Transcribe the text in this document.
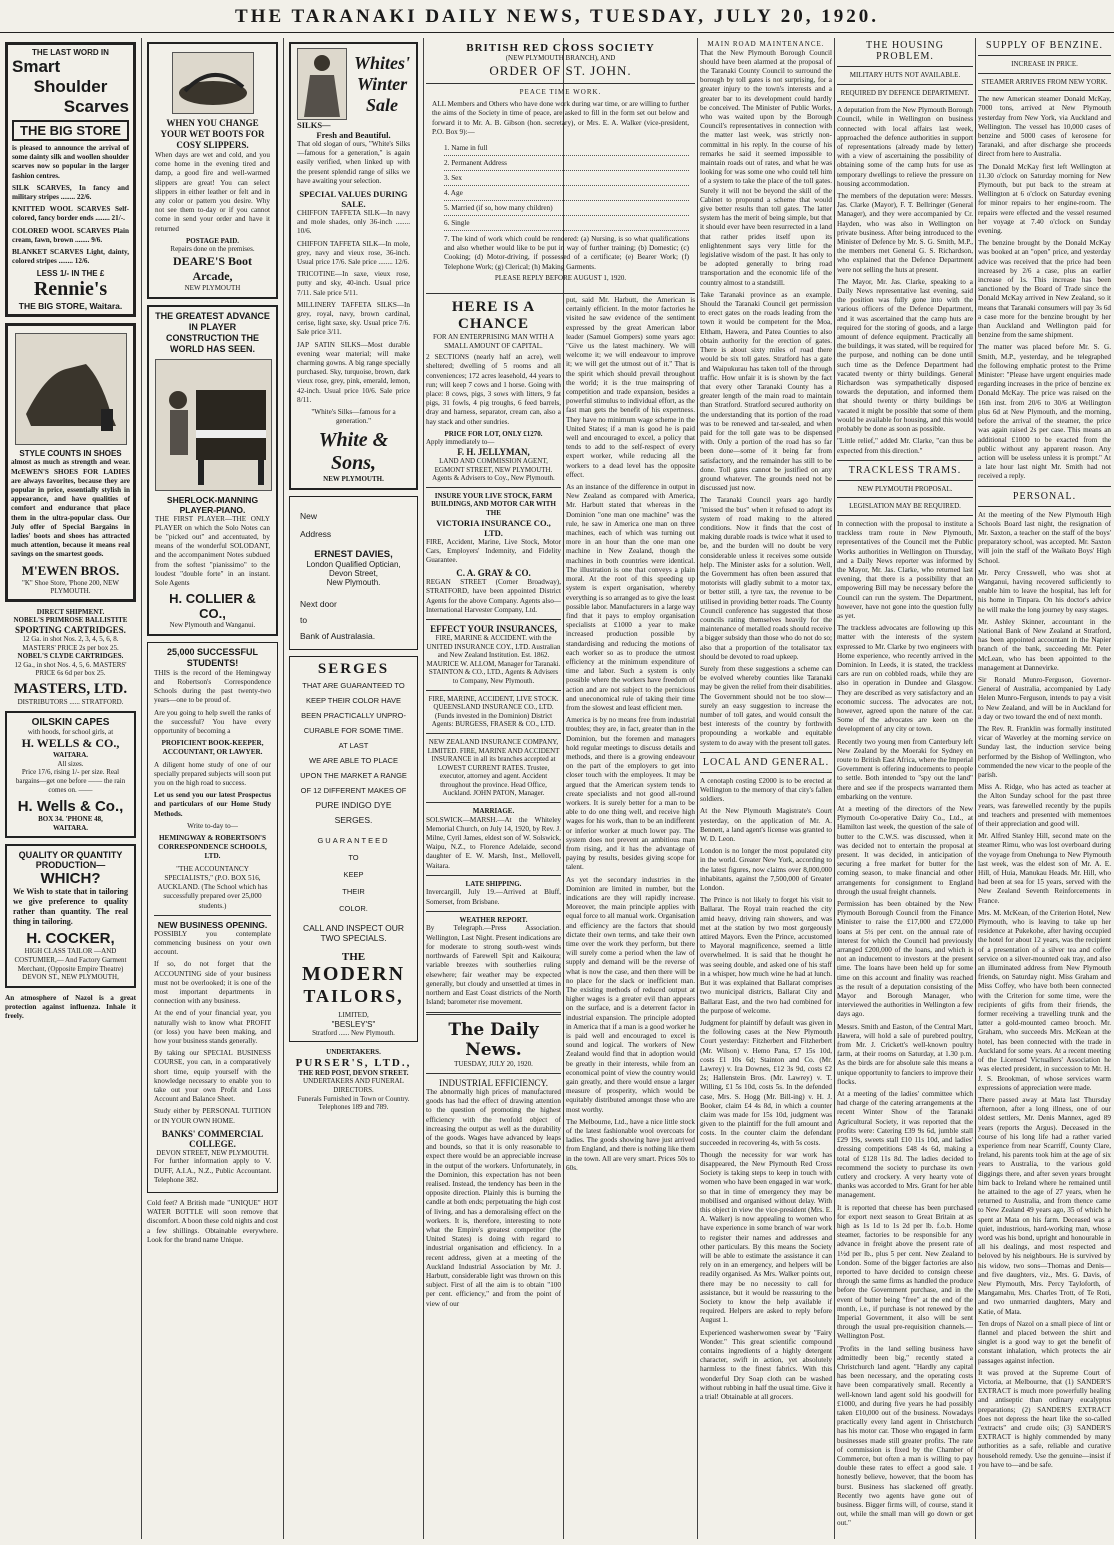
THE TARANAKI DAILY NEWS, TUESDAY, JULY 20, 1920.
THE LAST WORD IN
Smart
Shoulder
Scarves
THE BIG STORE
is pleased to announce the arrival of some dainty silk and woollen shoulder scarves now so popular in the larger fashion centres.
SILK SCARVES, In fancy and military stripes ........ 22/6.
KNITTED WOOL SCARVES Self-colored, fancy border ends ........ 21/-.
COLORED WOOL SCARVES Plain cream, fawn, brown ........ 9/6.
BLANKET SCARVES Light, dainty, colored stripes ........ 12/6.
LESS 1/- IN THE £
Rennie's
THE BIG STORE, Waitara.
STYLE COUNTS IN SHOES
almost as much as strength and wear. McEWEN'S SHOES FOR LADIES are always favorites, because they are popular in price, essentially stylish in appearance, and have qualities of comfort and endurance that place them in the ultra-popular class. Our July offer of Special Bargains in ladies' boots and shoes has attracted much attention, because it means real savings on the smartest goods.
M'EWEN BROS.
"K" Shoe Store, 'Phone 200, NEW PLYMOUTH.
DIRECT SHIPMENT.
NOBEL'S PRIMROSE BALLISTITE
SPORTING CARTRIDGES.
12 Ga. in shot Nos. 2, 3, 4, 5, 6, 8. MASTERS' PRICE 2s per box 25.
NOBEL'S CLYDE CARTRIDGES.
12 Ga., in shot Nos. 4, 5, 6. MASTERS' PRICE 6s 6d per box 25.
MASTERS, LTD.
DISTRIBUTORS ...... STRATFORD.
OILSKIN CAPES
with hoods, for school girls, at
H. WELLS & CO.,
WAITARA.
All sizes.
Price 17/6, rising 1/- per size. Real bargains—get one before —— the rain comes on. ——
H. Wells & Co.,
BOX 34. 'PHONE 48,
WAITARA.
QUALITY OR QUANTITY
PRODUCTION—
WHICH?
We Wish to state that in tailoring we give preference to quality rather than quantity. The real thing in tailoring.
H. COCKER,
HIGH CLASS TAILOR —AND COSTUMIER,— And Factory Garment Merchant, (Opposite Empire Theatre) DEVON ST., NEW PLYMOUTH,
An atmosphere of Nazol is a great protection against influenza. Inhale it freely.
WHEN YOU CHANGE YOUR WET BOOTS FOR COSY SLIPPERS.
When days are wet and cold, and you come home in the evening tired and damp, a good fire and well-warmed slippers are great! You can select slippers in either leather or felt and in any color or pattern you desire. Why not see them to-day or if you cannot come in send your order and have it returned
POSTAGE PAID.
Repairs done on the premises.
DEARE'S Boot Arcade,
NEW PLYMOUTH
THE GREATEST ADVANCE IN PLAYER CONSTRUCTION THE WORLD HAS SEEN.
SHERLOCK-MANNING PLAYER-PIANO.
THE FIRST PLAYER—THE ONLY PLAYER on which the Solo Notes can be "picked out" and accentuated, by means of the wonderful SOLODANT, and the accompaniment Notes subdued from the softest "pianissimo" to the loudest "double forte" in an instant. Sole Agents
H. COLLIER & CO.,
New Plymouth and Wanganui.
25,000 SUCCESSFUL STUDENTS!
THIS is the record of the Hemingway and Robertson's Correspondence Schools during the past twenty-two years—one to be proud of.
Are you going to help swell the ranks of the successful? You have every opportunity of becoming a
PROFICIENT BOOK-KEEPER, ACCOUNTANT, OR LAWYER.
A diligent home study of one of our specially prepared subjects will soon put you on the high road to success.
Let us send you our latest Prospectus and particulars of our Home Study Methods.
Write to-day to—
HEMINGWAY & ROBERTSON'S CORRESPONDENCE SCHOOLS, LTD.
"THE ACCOUNTANCY SPECIALISTS," (P.O. BOX 516, AUCKLAND. (The School which has successfully prepared over 25,000 students.)
NEW BUSINESS OPENING.
POSSIBLY you contemplate commencing business on your own account.
If so, do not forget that the ACCOUNTING side of your business must not be overlooked; it is one of the most important departments in connection with any business.
At the end of your financial year, you naturally wish to know what PROFIT (or loss) you have been making, and how your business stands generally.
By taking our SPECIAL BUSINESS COURSE, you can, in a comparatively short time, equip yourself with the knowledge necessary to enable you to take out your own Profit and Loss Account and Balance Sheet.
Study either by PERSONAL TUITION or IN YOUR OWN HOME.
BANKS' COMMERCIAL COLLEGE.
DEVON STREET, NEW PLYMOUTH.
For further information apply to V. DUFF, A.I.A., N.Z., Public Accountant. Telephone 382.
Cold feet? A British made "UNIQUE" HOT WATER BOTTLE will soon remove that discomfort. A boon these cold nights and cost a few shillings. Obtainable everywhere. Look for the brand name Unique.
Whites'
Winter
Sale
SILKS—
Fresh and Beautiful.
That old slogan of ours, "White's Silks—famous for a generation," is again easily verified, when linked up with the present splendid range of silks we have awaiting your selection.
SPECIAL VALUES DURING SALE.
CHIFFON TAFFETA SILK—In navy and mole shades, only 36-inch ........ 10/6.
CHIFFON TAFFETA SILK—In mole, grey, navy and vieux rose, 36-inch. Usual price 17/6. Sale price ........ 12/6.
TRICOTINE—In saxe, vieux rose, putty and sky, 40-inch. Usual price 7/11. Sale price 5/11.
MILLINERY TAFFETA SILKS—In grey, royal, navy, brown cardinal, cerise, light saxe, sky. Usual price 7/6. Sale price 3/11.
JAP SATIN SILKS—Most durable evening wear material; will make charming gowns. A big range specially purchased. Sky, turquoise, brown, dark vieux rose, grey, pink, emerald, lemon, 42-inch. Usual price 10/6. Sale price 8/11.
"White's Silks—famous for a generation."
White & Sons,
NEW PLYMOUTH.
New
Address
ERNEST DAVIES,
London Qualified Optician,
Devon Street,
New Plymouth.
Next door
to
Bank of Australasia.
SERGES
THAT ARE GUARANTEED TO
KEEP THEIR COLOR HAVE
BEEN PRACTICALLY UNPRO-
CURABLE FOR SOME TIME.
AT LAST
WE ARE ABLE TO PLACE
UPON THE MARKET A RANGE
OF 12 DIFFERENT MAKES OF
PURE INDIGO DYE
SERGES.
GUARANTEED
TO
KEEP
THEIR
COLOR.
CALL AND INSPECT OUR TWO SPECIALS.
THE
MODERN
TAILORS,
LIMITED,
"BESLEY'S"
Stratford ...... New Plymouth.
UNDERTAKERS.
PURSER'S, LTD.,
THE RED POST, DEVON STREET.
UNDERTAKERS AND FUNERAL DIRECTORS.
Funerals Furnished in Town or Country. Telephones 189 and 789.
BRITISH RED CROSS SOCIETY
(NEW PLYMOUTH BRANCH), AND
ORDER OF ST. JOHN.
PEACE TIME WORK.
ALL Members and Others who have done work during war time, or are willing to further the aims of the Society in time of peace, are asked to fill in the form set out below and forward it to Mr. A. B. Gibson (hon. secretary), or Mrs. E. A. Walker (vice-president, P.O. Box 9):—
1. Name in full
2. Permanent Address
3. Sex
4. Age
5. Married (if so, how many children)
6. Single
7. The kind of work which could be rendered: (a) Nursing, is so what qualifications and also whether would like to be put in way of further training; (b) Domestic; (c) Cooking; (d) Motor-driving, if possessed of a certificate; (e) Bearer Work; (f) Telephone Work; (g) Clerical; (h) Making Garments.
PLEASE REPLY BEFORE AUGUST 1, 1920.
HERE IS A CHANCE
FOR AN ENTERPRISING MAN WITH A SMALL AMOUNT OF CAPITAL.
2 SECTIONS (nearly half an acre), well sheltered; dwelling of 5 rooms and all conveniences; 172 acres leasehold, 44 years to run; will keep 7 cows and 1 horse. Going with place: 8 cows, pigs, 3 sows with litters, 9 fat pigs, 31 fowls, 4 pig troughs, 6 feed barrels, dray and harness, separator, cream can, also a hay stack and other sundries.
PRICE FOR LOT, ONLY £1270.
Apply immediately to—
F. H. JELLYMAN,
LAND AND COMMISSION AGENT, EGMONT STREET, NEW PLYMOUTH. Agents & Advisers to Coy., New Plymouth.
INSURE YOUR LIVE STOCK, FARM BUILDINGS, AND MOTOR CAR WITH THE
VICTORIA INSURANCE CO., LTD.
FIRE, Accident, Marine, Live Stock, Motor Cars, Employers' Indemnity, and Fidelity Guarantee.
C. A. GRAY & CO.
REGAN STREET (Corner Broadway), STRATFORD, have been appointed District Agents for the above Company. Agents also—International Harvester Company, Ltd.
EFFECT YOUR INSURANCES,
FIRE, MARINE & ACCIDENT. with the UNITED INSURANCE COY., LTD. Australian and New Zealand Institution. Est. 1862. MAURICE W. ALLOM, Manager for Taranaki. STAINTON & CO., LTD., Agents & Advisers to Company, New Plymouth.
FIRE, MARINE, ACCIDENT, LIVE STOCK. QUEENSLAND INSURANCE CO., LTD. (Funds invested in the Dominion) District Agents: BURGESS, FRASER & CO., LTD.
NEW ZEALAND INSURANCE COMPANY, LIMITED. FIRE, MARINE AND ACCIDENT INSURANCE in all its branches accepted at LOWEST CURRENT RATES. Trustee, executor, attorney and agent. Accident throughout the province. Head Office, Auckland. JOHN PATON, Manager.
MARRIAGE.
SOLSWICK—MARSH.—At the Whiteley Memorial Church, on July 14, 1920, by Rev. J. Milne, Cyril James, eldest son of W. Solswick, Waipu, N.Z., to Florence Adelaide, second daughter of E. W. Marsh, Inst., Mellovell, Waitara.
LATE SHIPPING.
Invercargill, July 19.—Arrived at Bluff, Somerset, from Brisbane.
WEATHER REPORT.
By Telegraph.—Press Association. Wellington, Last Night. Present indications are for moderate to strong south-west winds northwards of Farewell Spit and Kaikoura; variable breezes with southerlies ruling elsewhere; fair weather may be expected generally, but cloudy and unsettled at times in northern and East Coast districts of the North Island; barometer rise movement.
The Daily News.
TUESDAY, JULY 20, 1920.
INDUSTRIAL EFFICIENCY.
The abnormally high prices of manufactured goods has had the effect of drawing attention to the question of promoting the highest efficiency with the twofold object of increasing the output as well as the durability of the goods. Wages have advanced by leaps and bounds, so that it is only reasonable to expect there would be an appreciable increase in the output of the workers. Unfortunately, in the Dominion, this expectation has not been realised. Instead, the tendency has been in the opposite direction. Plainly this is burning the candle at both ends; perpetuating the high cost of living, and has a demoralising effect on the workers. It is, therefore, interesting to note what the Empire's greatest competitor (the United States) is doing with regard to industrial organisation and efficiency. In a recent address, given at a meeting of the Auckland Industrial Association by Mr. J. Harbutt, considerable light was thrown on this subject. First of all the aim is to obtain "100 per cent. efficiency," and from the point of view of our
put, said Mr. Harbutt, the American is certainly efficient. In the motor factories he visited he saw evidence of the sentiment expressed by the great American labor leader (Samuel Gompers) some years ago: "Give us the latest machinery. We will welcome it; we will endeavour to improve it; we will get the utmost out of it." That is the spirit which should prevail throughout the world; it is the true mainspring of competition and trade expansion, besides a powerful stimulus to individual effort, as the fast man gets the benefit of his expertness. They have no minimum wage scheme in the United States; if a man is good he is paid well and encouraged to excel, a policy that tends to add to the self-respect of every expert worker, while reducing all the workers to a dead level has the opposite effect.
As an instance of the difference in output in New Zealand as compared with America, Mr. Harbutt stated that whereas in the Dominion "one man one machine" was the rule, he saw in America one man on three machines, each of which was turning out more in an hour than the one man one machine in New Zealand, though the machines in both countries were identical. The illustration is one that conveys a plain moral. At the root of this speeding up system is expert organisation, whereby everything is so arranged as to give the least possible labor. Manufacturers in a large way find that it pays to employ organisation specialists at £1000 a year to make increased production possible by standardising and reducing the motions of each worker so as to produce the utmost efficiency at the minimum expenditure of time and labor. Such a system is only possible where the workers have freedom of action and are not subject to the pernicious and uneconomical rule of taking their time from the slowest and least efficient men.
America is by no means free from industrial troubles; they are, in fact, greater than in the Dominion, but the foremen and managers hold regular meetings to discuss details and methods, and there is a growing endeavour on the part of the employers to get into closer touch with the employees. It may be argued that the American system tends to create specialists and not good all-round workers. It is surely better for a man to be able to do one thing well, and receive high wages for his work, than to be an indifferent or inferior worker at much lower pay. The system does not prevent an ambitious man from rising, and it has the advantage of paying by results, besides giving scope for talent.
As yet the secondary industries in the Dominion are limited in number, but the indications are they will rapidly increase. Moreover, the main principle applies with equal force to all manual work. Organisation and efficiency are the factors that should dictate their own terms, and take their own time over the work they perform, but there will surely come a period when the law of supply and demand will be the reverse of what is now the case, and then there will be no place for the slack or inefficient man. The existing methods of reduced output at higher wages is a greater evil than appears on the surface, and is a deterrent factor in industrial expansion. The principle adopted in America that if a man is a good worker he is paid well and encouraged to excel is sound and logical. The workers of New Zealand would find that in adoption would be greatly in their interests, while from an economical point of view the country would gain greatly, and there would ensue a larger measure of prosperity, which would be equitably distributed amongst those who are most worthy.
The Melbourne, Ltd., have a nice little stock of the latest fashionable wool overcoats for ladies. The goods showing have just arrived from England, and there is nothing like them in the town. All are very smart. Prices 50s to 60s.
MAIN ROAD MAINTENANCE.
That the New Plymouth Borough Council should have been alarmed at the proposal of the Taranaki County Council to surround the borough by toll gates is not surprising, for a greater injury to the town's interests and a greater bar to its development could hardly be conceived. The Minister of Public Works, who was waited upon by the Borough Council's representatives in connection with the matter last week, was strictly non-committal in his reply. In the course of his remarks he said it seemed impossible to maintain roads out of rates, and what he was looking for was some one who could tell him of a system to take the place of the toll gates. Surely it will not be beyond the skill of the Cabinet to propound a scheme that would give better results than toll gates. The latter system has the merit of being simple, but that it should ever have been resurrected in a land that rather prides itself upon its enlightenment says very little for the legislative wisdom of the past. It has only to be adopted generally to bring road transportation and the economic life of the country almost to a standstill.
Take Taranaki province as an example. Should the Taranaki Council get permission to erect gates on the roads leading from the town it would be competent for the Moa, Eltham, Hawera, and Patea Counties to also obtain authority for the erection of gates. There is about sixty miles of road there would be six toll gates. Stratford has a gate and Waipukurau has taken toll of the through traffic. How unfair it is is shown by the fact that every other Taranaki County has a greater length of the main road to maintain than Stratford. Stratford secured authority on the understanding that its portion of the road was to be renewed and tar-sealed, and when paid for the toll gate was to be dispensed with. Only a portion of the road has so far been done—some of it being far from satisfactory, and the remainder has still to be done. Toll gates cannot be justified on any ground whatever. The grounds need not be discussed just now.
The Taranaki Council years ago hardly "missed the bus" when it refused to adopt its system of road making to the altered conditions. Now it finds that the cost of making durable roads is twice what it used to be, and the burden will no doubt be very considerable unless it receives some outside help. The Minister asks for a solution. Well, the Government has often been assured that motorists will gladly submit to a motor tax, or better still, a tyre tax, the revenue to be utilised in providing better roads. The County Council conference has suggested that those councils rating themselves heavily for the maintenance of metalled roads should receive a bigger subsidy than those who do not do so; also that a proportion of the totalisator tax should be devoted to road upkeep.
Surely from these suggestions a scheme can be evolved whereby counties like Taranaki may be given the relief from their disabilities. The Government should not be too slow—surely an easy suggestion to increase the number of toll gates, and would consult the best interests of the country by forthwith propounding a workable and equitable system to do away with the present toll gates.
LOCAL AND GENERAL.
A cenotaph costing £2000 is to be erected at Wellington to the memory of that city's fallen soldiers.
At the New Plymouth Magistrate's Court yesterday, on the application of Mr. A. Bennett, a land agent's license was granted to W. D. Leon.
London is no longer the most populated city in the world. Greater New York, according to the latest figures, now claims over 8,000,000 inhabitants, against the 7,500,000 of Greater London.
The Prince is not likely to forget his visit to Ballarat. The Royal train reached the city amid heavy, driving rain showers, and was met at the station by two most gorgeously attired Mayors. Even the Prince, accustomed to Mayoral magnificence, seemed a little overwhelmed. It is said that he thought he was seeing double, and asked one of his staff in a whisper, how much wine he had at lunch. But it was explained that Ballarat comprises two municipal districts, Ballarat City and Ballarat East, and the two had combined for the purpose of welcome.
Judgment for plaintiff by default was given in the following cases at the New Plymouth Court yesterday: Fitzherbert and Fitzherbert (Mr. Wilson) v. Hemo Pana, £7 15s 10d, costs £1 10s 6d; Stainton and Co. (Mr. Lawrey) v. Ira Downes, £12 3s 9d, costs £2 2s; Hallenstein Bros. (Mr. Lawrey) v. T. Willing, £1 5s 10d, costs 5s. In the defended case, Mrs. S. Hogg (Mr. Bill-ing) v. H. J. Booker, claim £4 4s 8d, in which a counter claim was made for 15s 10d, judgment was given to the plaintiff for the full amount and costs. In the counter claim the defendant succeeded in recovering 4s, with 5s costs.
Though the necessity for war work has disappeared, the New Plymouth Red Cross Society is taking steps to keep in touch with women who have been engaged in war work, so that in time of emergency they may be mobilised and organised without delay. With this object in view the vice-president (Mrs. E. A. Walker) is now appealing to women who have experience in some branch of war work to register their names and addresses and other particulars. By this means the Society will be able to estimate the assistance it can rely on in an emergency, and helpers will be readily organised. As Mrs. Walker points out, there may be no necessity to call for assistance, but it would be reassuring to the Society to know the help available if required. Helpers are asked to reply before August 1.
Experienced washerwomen swear by "Fairy Wonder." This great scientific compound contains ingredients of a highly detergent character, swift in action, yet absolutely harmless to the finest fabrics. With this wonderful Dry Soap cloth can be washed without rubbing in half the usual time. Give it a trial! Obtainable at all grocers.
THE HOUSING PROBLEM.
MILITARY HUTS NOT AVAILABLE.
REQUIRED BY DEFENCE DEPARTMENT.
A deputation from the New Plymouth Borough Council, while in Wellington on business connected with local affairs last week, approached the defence authorities in support of representations (already made by letter) with a view of ascertaining the possibility of obtaining some of the camp huts for use as temporary dwellings to relieve the pressure on housing accommodation.
The members of the deputation were: Messrs. Jas. Clarke (Mayor), F. T. Bellringer (General Manager), and they were accompanied by Cr. Hayden, who was also in Wellington on private business. After being introduced to the Minister of Defence by Mr. S. G. Smith, M.P., the members met General G. S. Richardson, who explained that the Defence Department were not selling the huts at present.
The Mayor, Mr. Jas. Clarke, speaking to a Daily News representative last evening, said the position was fully gone into with the various officers of the Defence Department, and it was ascertained that the camp huts are required for the storing of goods, and a large amount of defence equipment. Practically all the buildings, it was stated, will be required for the purpose, and nothing can be done until such time as the Defence Department had vacated twenty or thirty buildings. General Richardson was sympathetically disposed towards the deputation, and informed them that should twenty or thirty buildings be vacated it might be possible that some of them would be available for housing, and this would probably be done as soon as possible.
"Little relief," added Mr. Clarke, "can thus be expected from this direction."
TRACKLESS TRAMS.
NEW PLYMOUTH PROPOSAL.
LEGISLATION MAY BE REQUIRED.
In connection with the proposal to institute a trackless tram route in New Plymouth, representatives of the Council met the Public Works authorities in Wellington on Thursday, and a Daily News reporter was informed by the Mayor, Mr. Jas. Clarke, who returned last evening, that there is a possibility that an empowering Bill may be necessary before the Council can run the system. The Department, however, have not gone into the question fully as yet.
The trackless advocates are following up this matter with the interests of the system expressed to Mr. Clarke by two engineers with Home experience, who recently arrived in the Dominion. In Leeds, it is stated, the trackless cars are run on cobbled roads, while they are also in operation in Dundee and Glasgow. They are described as very satisfactory and an economic success. The advocates are not, however, agreed upon the nature of the car. Some of the advocates are keen on the development of any city or town.
Recently two young men from Canterbury left New Zealand by the Moeraki for Sydney en route to British East Africa, where the Imperial Government is offering inducements to people to settle. Both intended to "spy out the land" there and see if the prospects warranted them embarking on the venture.
At a meeting of the directors of the New Plymouth Co-operative Dairy Co., Ltd., at Hamilton last week, the question of the sale of butter to the C.W.S. was discussed, when it was decided not to entertain the proposal at present. It was decided, in anticipation of securing a free market for butter for the coming season, to make financial and other arrangements for consignment to England through the usual freight channels.
Permission has been obtained by the New Plymouth Borough Council from the Finance Minister to raise the £17,000 and £72,000 loans at 5½ per cent. on the annual rate of interest for which the Council had previously arranged £200,000 of the loans, and which is not an inducement to investors at the present time. The loans have been held up for some time on this account and finality was reached as the result of a deputation consisting of the Mayor and Borough Manager, who interviewed the authorities in Wellington a few days ago.
Messrs. Smith and Easton, of the Central Mart, Hawera, will hold a sale of purebred poultry, from Mr. J. Crickett's well-known poultry farm, at their rooms on Saturday, at 1.30 p.m. As the birds are for absolute sale this means a unique opportunity to fanciers to improve their flocks.
At a meeting of the ladies' committee which had charge of the catering arrangements at the recent Winter Show of the Taranaki Agricultural Society, it was reported that the profits were: Catering £39 9s 6d, jumble stall £29 19s, sweets stall £10 11s 10d, and ladies' dressing competitions £48 4s 6d, making a total of £128 11s 8d. The ladies decided to recommend the society to purchase its own cutlery and crockery. A very hearty vote of thanks was accorded to Mrs. Grant for her able management.
It is reported that cheese has been purchased for export next season to Great Britain at as high as 1s 1d to 1s 2d per lb. f.o.b. Home steamer, factories to be responsible for any advance in freight above the present rate of 1½d per lb., plus 5 per cent. New Zealand to London. Some of the bigger factories are also reported to have decided to consign cheese through the same firms as handled the produce before the Government purchase, and in the event of butter being "free" at the end of the month, i.e., if purchase is not renewed by the Imperial Government, it also will be sent through the usual pre-requisition channels.—Wellington Post.
"Profits in the land selling business have admittedly been big," recently stated a Christchurch land agent. "Hardly any capital has been necessary, and the operating costs have been comparatively small. Recently a well-known land agent sold his goodwill for £1000, and during five years he had possibly taken £10,000 out of the business. Nowadays practically every land agent in Christchurch has his motor car. Those who engaged in farm businesses made still greater profits. The rate of commission is fixed by the Chamber of Commerce, but often a man is willing to pay double these rates to effect a good sale. I honestly believe, however, that the boom has burst. Business has slackened off greatly. Recently two agents have gone out of business. Bigger firms will, of course, stand it out, while the small man will go down or get out."
SUPPLY OF BENZINE.
INCREASE IN PRICE.
STEAMER ARRIVES FROM NEW YORK.
The new American steamer Donald McKay, 7000 tons, arrived at New Plymouth yesterday from New York, via Auckland and Wellington. The vessel has 10,000 cases of benzine and 5000 cases of kerosene for Taranaki, and after discharge she proceeds direct from here to Australia.
The Donald McKay first left Wellington at 11.30 o'clock on Saturday morning for New Plymouth, but put back to the stream at Wellington at 6 o'clock on Saturday evening for minor repairs to her engine-room. The repairs were effected and the vessel resumed her voyage at 7.40 o'clock on Sunday evening.
The benzine brought by the Donald McKay was booked at an "open" price, and yesterday advice was received that the price had been increased by 2/6 a case, plus an earlier increase of 1s. This increase has been sanctioned by the Board of Trade since the Donald McKay arrived in New Zealand, so it means that Taranaki consumers will pay 3s 6d a case more for the benzine brought by her than Auckland and Wellington paid for benzine from the same shipment.
The matter was placed before Mr. S. G. Smith, M.P., yesterday, and he telegraphed the following emphatic protest to the Prime Minister: "Please have urgent enquiries made regarding increases in the price of benzine ex Donald McKay. The price was raised on the 16th inst. from 20/6 to 30/6 at Wellington plus 6d at New Plymouth, and the morning, before the arrival of the steamer, the price was again raised 2s per case. This means an additional £1000 to be exacted from the public without any apparent reason. Any action will be useless unless it is prompt." At a late hour last night Mr. Smith had not received a reply.
PERSONAL.
At the meeting of the New Plymouth High Schools Board last night, the resignation of Mr. Saxton, a teacher on the staff of the boys' preparatory school, was accepted. Mr. Saxton will join the staff of the Waikato Boys' High School.
Mr. Percy Cresswell, who was shot at Wanganui, having recovered sufficiently to enable him to leave the hospital, has left for his home in Tinpara. On his doctor's advice he will make the long journey by easy stages.
Mr. Ashley Skinner, accountant in the National Bank of New Zealand at Stratford, has been appointed accountant in the Napier branch of the bank, succeeding Mr. Peter McLean, who has been appointed to the management at Dannevirke.
Sir Ronald Munro-Ferguson, Governor-General of Australia, accompanied by Lady Helen Munro-Ferguson, intends to pay a visit to New Zealand, and will be in Auckland for a day or two toward the end of next month.
The Rev. R. Franklin was formally instituted vicar of Waverley at the morning service on Sunday last, the induction service being performed by the Bishop of Wellington, who commended the new vicar to the people of the parish.
Miss A. Ridge, who has acted as teacher at the Alton Sunday school for the past three years, was farewelled recently by the pupils and teachers and presented with mementoes of their appreciation and good will.
Mr. Alfred Stanley Hill, second mate on the steamer Rimu, who was lost overboard during the voyage from Onehunga to New Plymouth last week, was the eldest son of Mr. A. E. Hill, of Huia, Manukau Heads. Mr. Hill, who had been at sea for 15 years, served with the New Zealand Seventh Reinforcements in France.
Mrs. M. McKean, of the Criterion Hotel, New Plymouth, who is leaving to take up her residence at Pukekohe, after having occupied the hotel for about 12 years, was the recipient of a presentation of a silver tea and coffee service on a silver-mounted oak tray, and also an illuminated address from New Plymouth friends, on Saturday night. Miss Graham and Miss Coffey, who have both been connected with the Criterion for some time, were the recipients of gifts from their friends, the former receiving a travelling trunk and the latter a gold-mounted cameo brooch. Mr. Graham, who succeeds Mrs. McKean at the hotel, has been connected with the trade in Auckland for some years. At a recent meeting of the Licensed Victuallers' Association he was elected president, in succession to Mr. H. J. S. Brookman, of whose services warm expressions of appreciation were made.
There passed away at Mata last Thursday afternoon, after a long illness, one of our oldest settlers, Mr. Denis Mannex, aged 89 years (reports the Argus). Deceased in the course of his long life had a rather varied experience from near Scarriff, County Clare, Ireland, his parents took him at the age of six years to Australia, to the various gold diggings there, and after seven years brought him back to Ireland where he remained until he attained to the age of 27 years, when he returned to Australia, and from thence came to New Zealand 49 years ago, 35 of which he spent at Mata on his farm. Deceased was a quiet, industrious, hard-working man, whose word was his bond, upright and honourable in all his dealings, and most respected and beloved by his neighbours. He is survived by his widow, two sons—Thomas and Denis—and five daughters, viz., Mrs. G. Davis, of New Plymouth, Mrs. Percy Tayloforth, of Mangamahu, Mrs. Charles Trott, of Te Roti, and two unmarried daughters, Mary and Katie, of Mata.
Ten drops of Nazol on a small piece of lint or flannel and placed between the shirt and singlet is a good way to get the benefit of constant inhalation, which protects the air passages against infection.
It was proved at the Supreme Court of Victoria, at Melbourne, that (1) SANDER'S EXTRACT is much more powerfully healing and antiseptic than ordinary eucalyptus preparations; (2) SANDER'S EXTRACT does not depress the heart like the so-called "extracts" and crude oils; (3) SANDER'S EXTRACT is highly commended by many authorities as a safe, reliable and curative household remedy. Use the genuine—insist if you have to—and be safe.
